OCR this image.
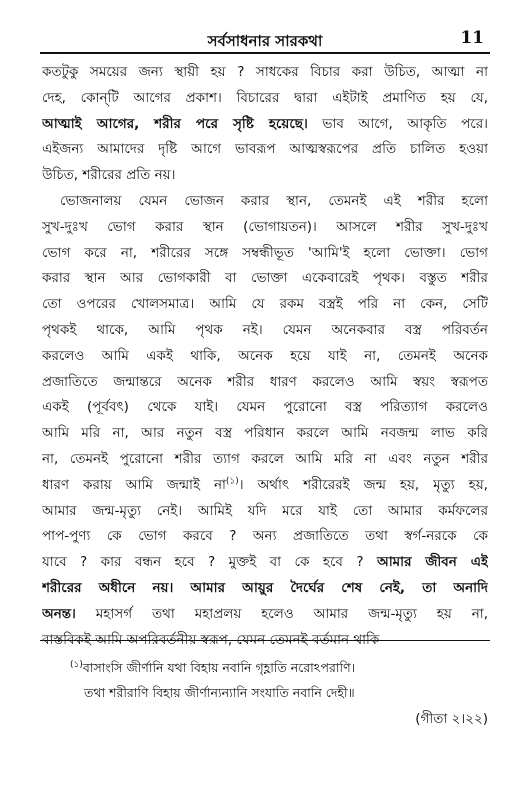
সর্বসাধনার সারকথা	11
কতটুকু সময়ের জন্য স্থায়ী হয় ? সাধকের বিচার করা উচিত, আত্মা না
দেহ, কোন্‌টি আগের প্রকাশ। বিচারের দ্বারা এইটাই প্রমাণিত হয় যে,
আত্মাই আগের, শরীর পরে সৃষ্টি হয়েছে। ভাব আগে, আকৃতি পরে।
এইজন্য আমাদের দৃষ্টি আগে ভাবরূপ আত্মস্বরূপের প্রতি চালিত হওয়া
উচিত, শরীরের প্রতি নয়।
ভোজনালয় যেমন ভোজন করার স্থান, তেমনই এই শরীর হলো
সুখ-দুঃখ ভোগ করার স্থান (ভোগায়তন)। আসলে শরীর সুখ-দুঃখ
ভোগ করে না, শরীরের সঙ্গে সম্বন্ধীভূত 'আমি'ই হলো ভোক্তা। ভোগ
করার স্থান আর ভোগকারী বা ভোক্তা একেবারেই পৃথক। বস্তুত শরীর
তো ওপরের খোলসমাত্র। আমি যে রকম বস্ত্রই পরি না কেন, সেটি
পৃথকই থাকে, আমি পৃথক নই। যেমন অনেকবার বস্ত্র পরিবর্তন
করলেও আমি একই থাকি, অনেক হয়ে যাই না, তেমনই অনেক
প্রজাতিতে জন্মান্তরে অনেক শরীর ধারণ করলেও আমি স্বয়ং স্বরূপত
একই (পূর্ববৎ) থেকে যাই। যেমন পুরোনো বস্ত্র পরিত্যাগ করলেও
আমি মরি না, আর নতুন বস্ত্র পরিধান করলে আমি নবজন্ম লাভ করি
না, তেমনই পুরোনো শরীর ত্যাগ করলে আমি মরি না এবং নতুন শরীর
ধারণ করায় আমি জন্মাই না$^{(১)}$। অর্থাৎ শরীরেরই জন্ম হয়, মৃত্যু হয়,
আমার জন্ম-মৃত্যু নেই। আমিই যদি মরে যাই তো আমার কর্মফলের
পাপ-পুণ্য কে ভোগ করবে ? অন্য প্রজাতিতে তথা স্বর্গ-নরকে কে
যাবে ? কার বন্ধন হবে ? মুক্তই বা কে হবে ? আমার জীবন এই
শরীরের অধীনে নয়। আমার আয়ুর দৈর্ঘের শেষ নেই, তা অনাদি
অনন্ত। মহাসর্গ তথা মহাপ্রলয় হলেও আমার জন্ম-মৃত্যু হয় না,
বাস্তবিকই আমি অপরিবর্তনীয় স্বরূপ, যেমন তেমনই বর্তমান থাকি—
$^{(১)}$বাসাংসি জীর্ণানি যথা বিহায় নবানি গৃহ্ণাতি নরোঽপরাণি।
তথা শরীরাণি বিহায় জীর্ণান্যন্যানি সংযাতি নবানি দেহী॥
(গীতা ২।২২)
